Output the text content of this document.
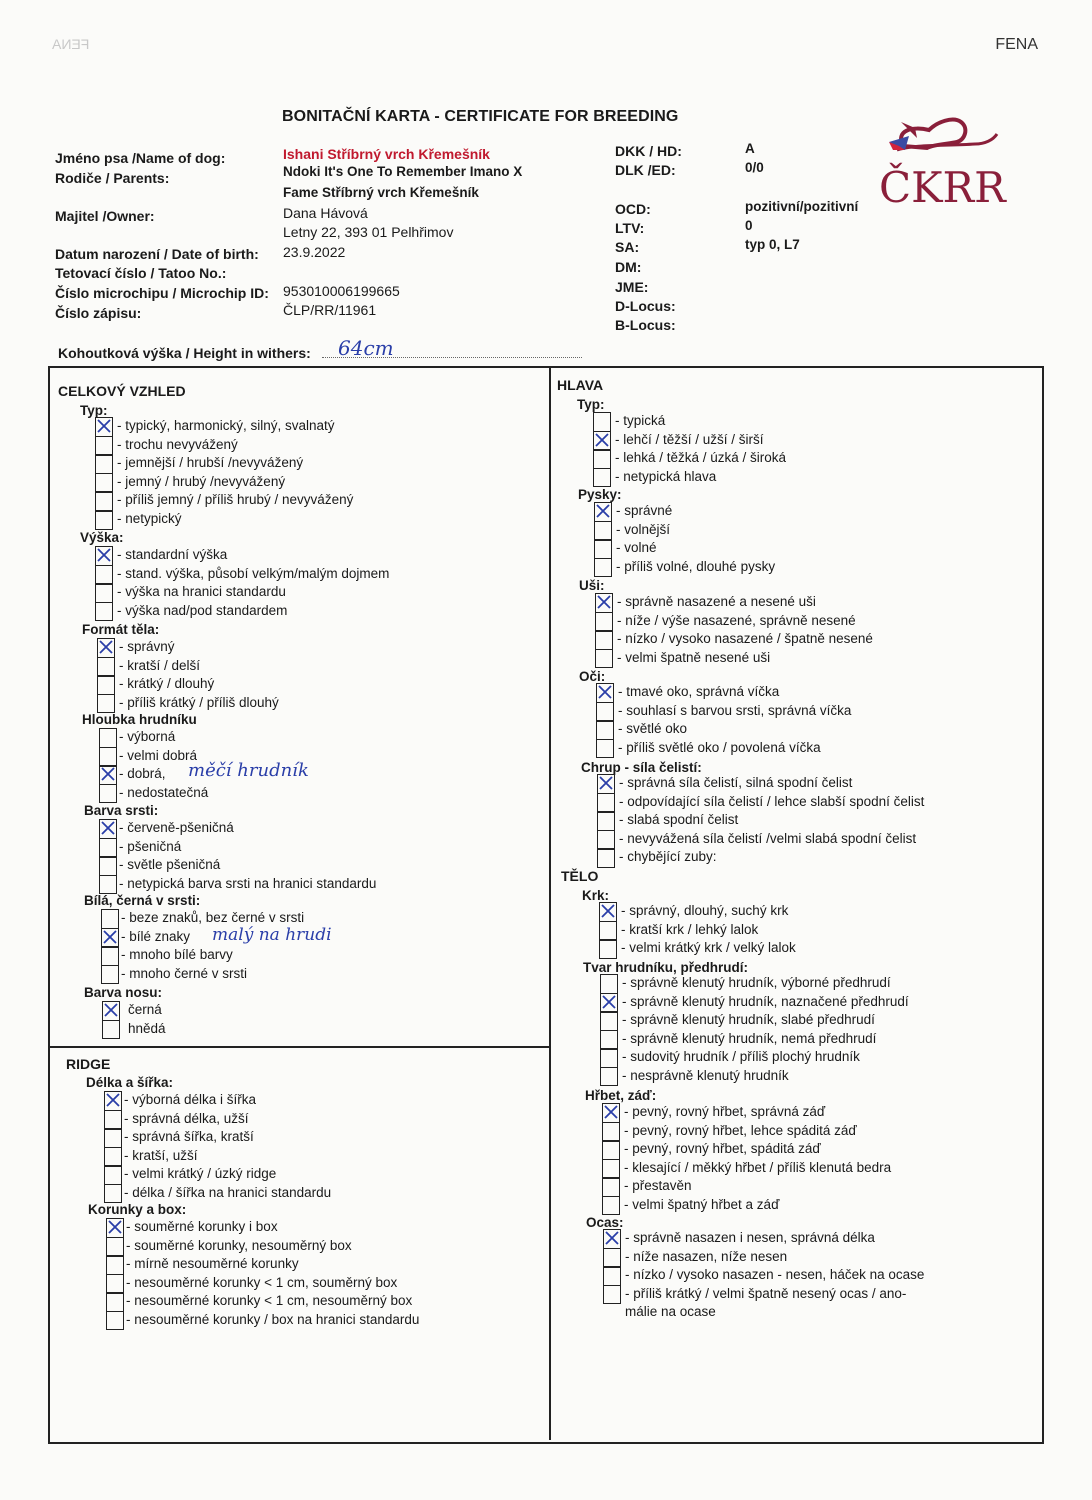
FENA	FENA
BONITAČNÍ KARTA - CERTIFICATE FOR BREEDING
Jméno psa /Name of dog:	Ishani Stříbrný vrch Křemešník
Rodiče / Parents:	Ndoki It's One To Remember Imano X
Fame Stříbrný vrch Křemešník
Majitel /Owner:	Dana Hávová
Letny 22, 393 01 Pelhřimov
Datum narození / Date of birth: 23.9.2022
Tetovací číslo / Tatoo No.:
Číslo microchipu / Microchip ID: 953010006199665
Číslo zápisu:	ČLP/RR/11961
Kohoutková výška / Height in withers: 64cm
DKK / HD:	A
DLK /ED:	0/0
OCD:	pozitivní/pozitivní
LTV:	0
SA:	typ 0, L7
DM:
JME:
D-Locus:
B-Locus:
ČKRR
CELKOVÝ VZHLED
RIDGE
HLAVA
TĚLO
Typ:
- typický, harmonický, silný, svalnatý
- trochu nevyvážený
- jemnější / hrubší /nevyvážený
- jemný / hrubý /nevyvážený
- příliš jemný / příliš hrubý / nevyvážený
- netypický
Výška:
- standardní výška
- stand. výška, působí velkým/malým dojmem
- výška na hranici standardu
- výška nad/pod standardem
Formát těla:
- správný
- kratší / delší
- krátký / dlouhý
- příliš krátký / příliš dlouhý
Hloubka hrudníku
- výborná
- velmi dobrá
- dobrá,
- nedostatečná
Barva srsti:
- červeně-pšeničná
- pšeničná
- světle pšeničná
- netypická barva srsti na hranici standardu
Bílá, černá v srsti:
- beze znaků, bez černé v srsti
- bílé znaky
- mnoho bílé barvy
- mnoho černé v srsti
Barva nosu:
černá
hnědá
Délka a šířka:
- výborná délka i šířka
- správná délka, užší
- správná šířka, kratší
- kratší, užší
- velmi krátký / úzký ridge
- délka / šířka na hranici standardu
Korunky a box:
- souměrné korunky i box
- souměrné korunky, nesouměrný box
- mírně nesouměrné korunky
- nesouměrné korunky < 1 cm, souměrný box
- nesouměrné korunky < 1 cm, nesouměrný box
- nesouměrné korunky / box na hranici standardu
Typ:
- typická
- lehčí / těžší / užší / širší
- lehká / těžká / úzká / široká
- netypická hlava
Pysky:
- správné
- volnější
- volné
- příliš volné, dlouhé pysky
Uši:
- správně nasazené a nesené uši
- níže / výše nasazené, správně nesené
- nízko / vysoko nasazené / špatně nesené
- velmi špatně nesené uši
Oči:
- tmavé oko, správná víčka
- souhlasí s barvou srsti, správná víčka
- světlé oko
- příliš světlé oko / povolená víčka
Chrup - síla čelistí:
- správná síla čelistí, silná spodní čelist
- odpovídající síla čelistí / lehce slabší spodní čelist
- slabá spodní čelist
- nevyvážená síla čelistí /velmi slabá spodní čelist
- chybějící zuby:
Krk:
- správný, dlouhý, suchý krk
- kratší krk / lehký lalok
- velmi krátký krk / velký lalok
Tvar hrudníku, předhrudí:
- správně klenutý hrudník, výborné předhrudí
- správně klenutý hrudník, naznačené předhrudí
- správně klenutý hrudník, slabé předhrudí
- správně klenutý hrudník, nemá předhrudí
- sudovitý hrudník / příliš plochý hrudník
- nesprávně klenutý hrudník
Hřbet, záď:
- pevný, rovný hřbet, správná záď
- pevný, rovný hřbet, lehce spáditá záď
- pevný, rovný hřbet, spáditá záď
- klesající / měkký hřbet / příliš klenutá bedra
- přestavěn
- velmi špatný hřbet a záď
Ocas:
- správně nasazen i nesen, správná délka
- níže nasazen, níže nesen
- nízko / vysoko nasazen - nesen, háček na ocase
- příliš krátký / velmi špatně nesený ocas / ano-
málie na ocase
měčí hrudník
malý na hrudi
